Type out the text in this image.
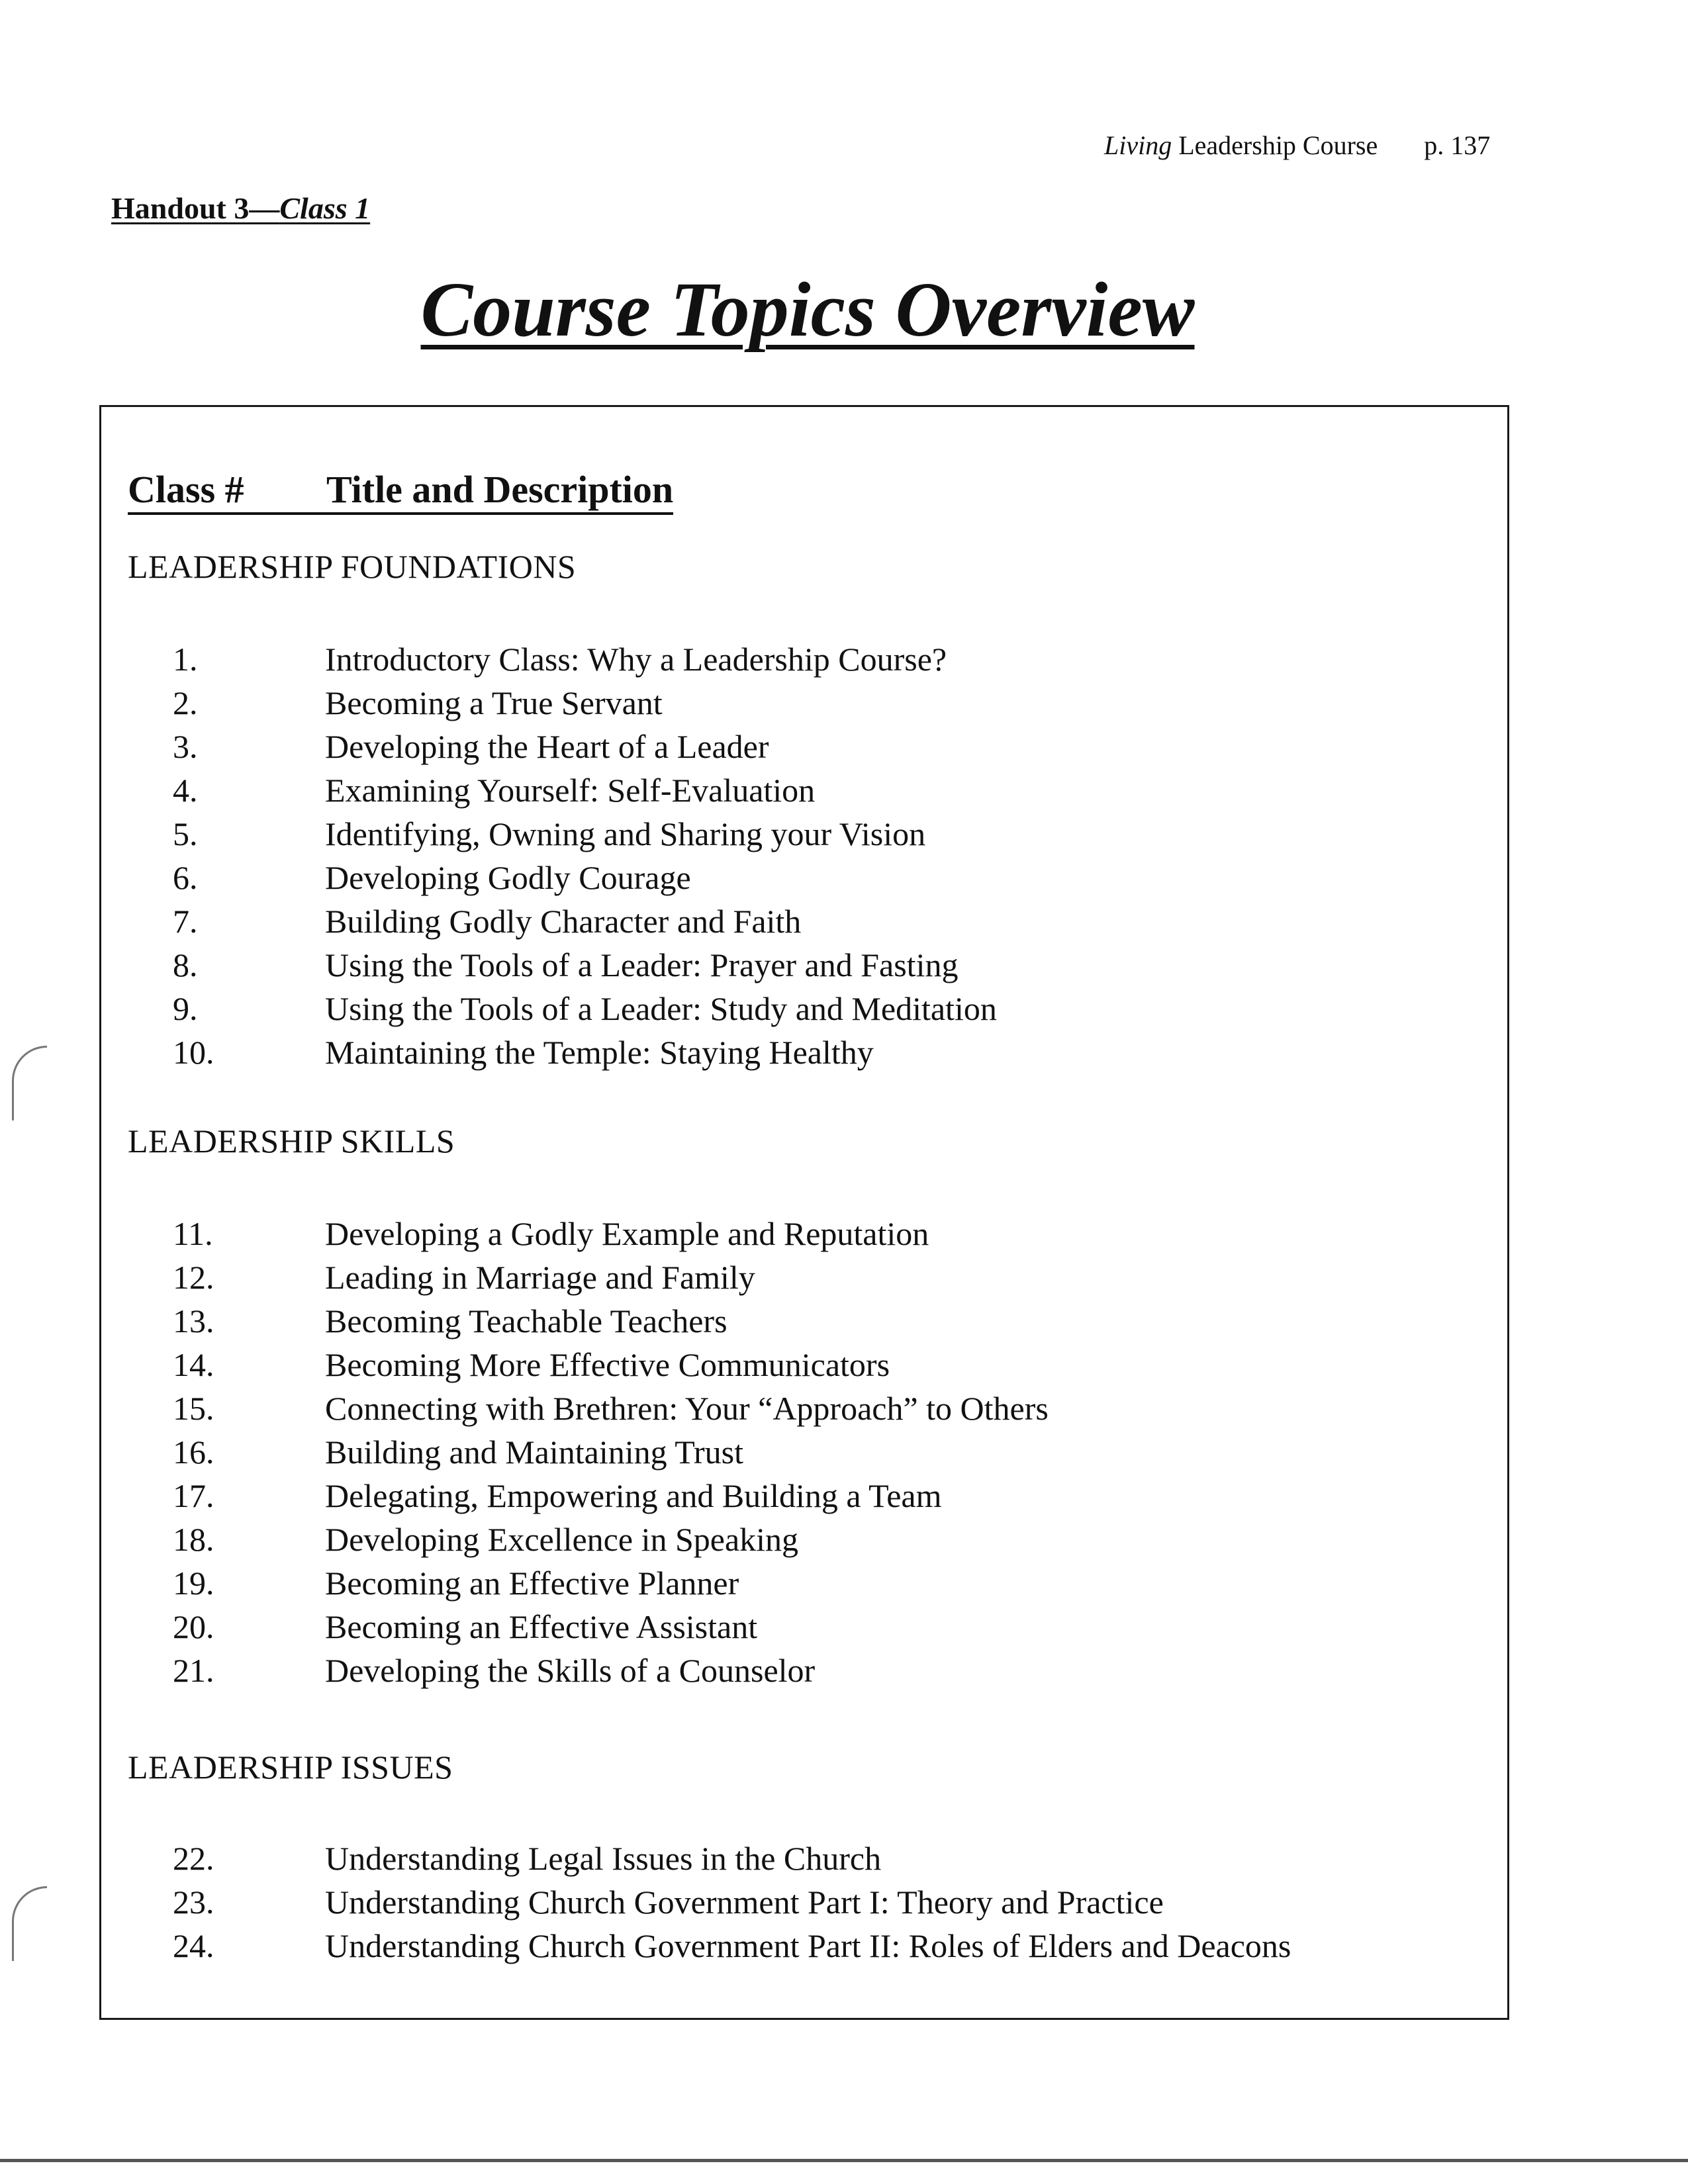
Living Leadership Course p. 137
Handout 3—Class 1
Course Topics Overview
Class # Title and Description
LEADERSHIP FOUNDATIONS
1.	Introductory Class: Why a Leadership Course?
2.	Becoming a True Servant
3.	Developing the Heart of a Leader
4.	Examining Yourself: Self-Evaluation
5.	Identifying, Owning and Sharing your Vision
6.	Developing Godly Courage
7.	Building Godly Character and Faith
8.	Using the Tools of a Leader: Prayer and Fasting
9.	Using the Tools of a Leader: Study and Meditation
10.	Maintaining the Temple: Staying Healthy
LEADERSHIP SKILLS
11.	Developing a Godly Example and Reputation
12.	Leading in Marriage and Family
13.	Becoming Teachable Teachers
14.	Becoming More Effective Communicators
15.	Connecting with Brethren: Your “Approach” to Others
16.	Building and Maintaining Trust
17.	Delegating, Empowering and Building a Team
18.	Developing Excellence in Speaking
19.	Becoming an Effective Planner
20.	Becoming an Effective Assistant
21.	Developing the Skills of a Counselor
LEADERSHIP ISSUES
22.	Understanding Legal Issues in the Church
23.	Understanding Church Government Part I: Theory and Practice
24.	Understanding Church Government Part II: Roles of Elders and Deacons
